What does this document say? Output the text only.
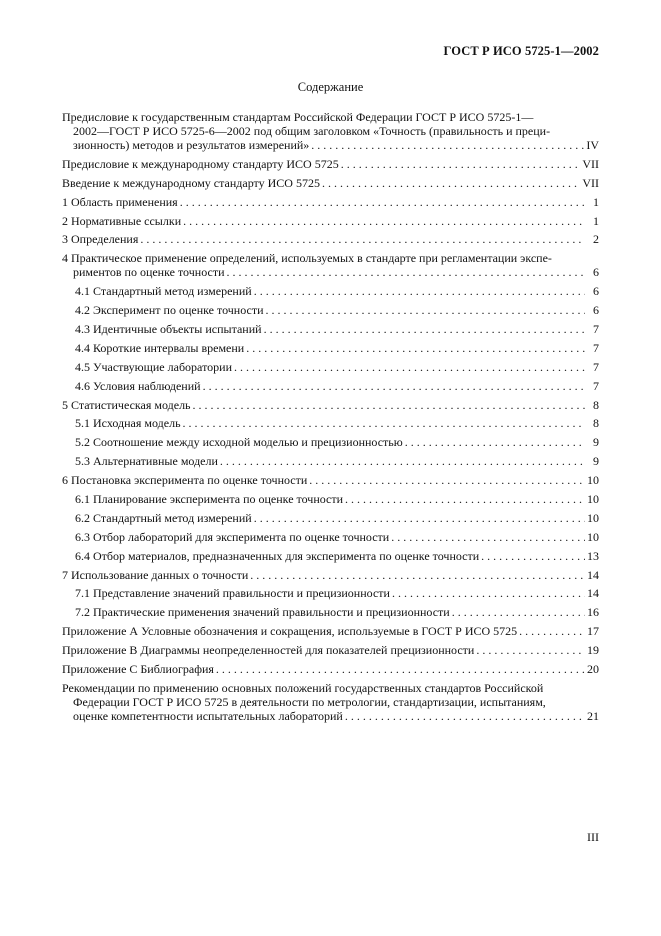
ГОСТ Р ИСО 5725-1—2002
Содержание
Предисловие к государственным стандартам Российской Федерации ГОСТ Р ИСО 5725-1—
2002—ГОСТ Р ИСО 5725-6—2002 под общим заголовком «Точность (правильность и преци-
зионность) методов и результатов измерений» . . .	IV
Предисловие к международному стандарту ИСО 5725 . . .	VII
Введение к международному стандарту ИСО 5725 . . .	VII
1 Область применения . . .	1
2 Нормативные ссылки . . .	1
3 Определения . . .	2
4 Практическое применение определений, используемых в стандарте при регламентации экспе-
риментов по оценке точности . . .	6
4.1 Стандартный метод измерений . . .	6
4.2 Эксперимент по оценке точности . . .	6
4.3 Идентичные объекты испытаний . . .	7
4.4 Короткие интервалы времени . . .	7
4.5 Участвующие лаборатории . . .	7
4.6 Условия наблюдений . . .	7
5 Статистическая модель . . .	8
5.1 Исходная модель . . .	8
5.2 Соотношение между исходной моделью и прецизионностью . . .	9
5.3 Альтернативные модели . . .	9
6 Постановка эксперимента по оценке точности . . .	10
6.1 Планирование эксперимента по оценке точности . . .	10
6.2 Стандартный метод измерений . . .	10
6.3 Отбор лабораторий для эксперимента по оценке точности . . .	10
6.4 Отбор материалов, предназначенных для эксперимента по оценке точности . . .	13
7 Использование данных о точности . . .	14
7.1 Представление значений правильности и прецизионности . . .	14
7.2 Практические применения значений правильности и прецизионности . . .	16
Приложение А Условные обозначения и сокращения, используемые в ГОСТ Р ИСО 5725 . . .	17
Приложение В Диаграммы неопределенностей для показателей прецизионности . . .	19
Приложение С Библиография . . .	20
Рекомендации по применению основных положений государственных стандартов Российской
Федерации ГОСТ Р ИСО 5725 в деятельности по метрологии, стандартизации, испытаниям,
оценке компетентности испытательных лабораторий . . .	21
III
